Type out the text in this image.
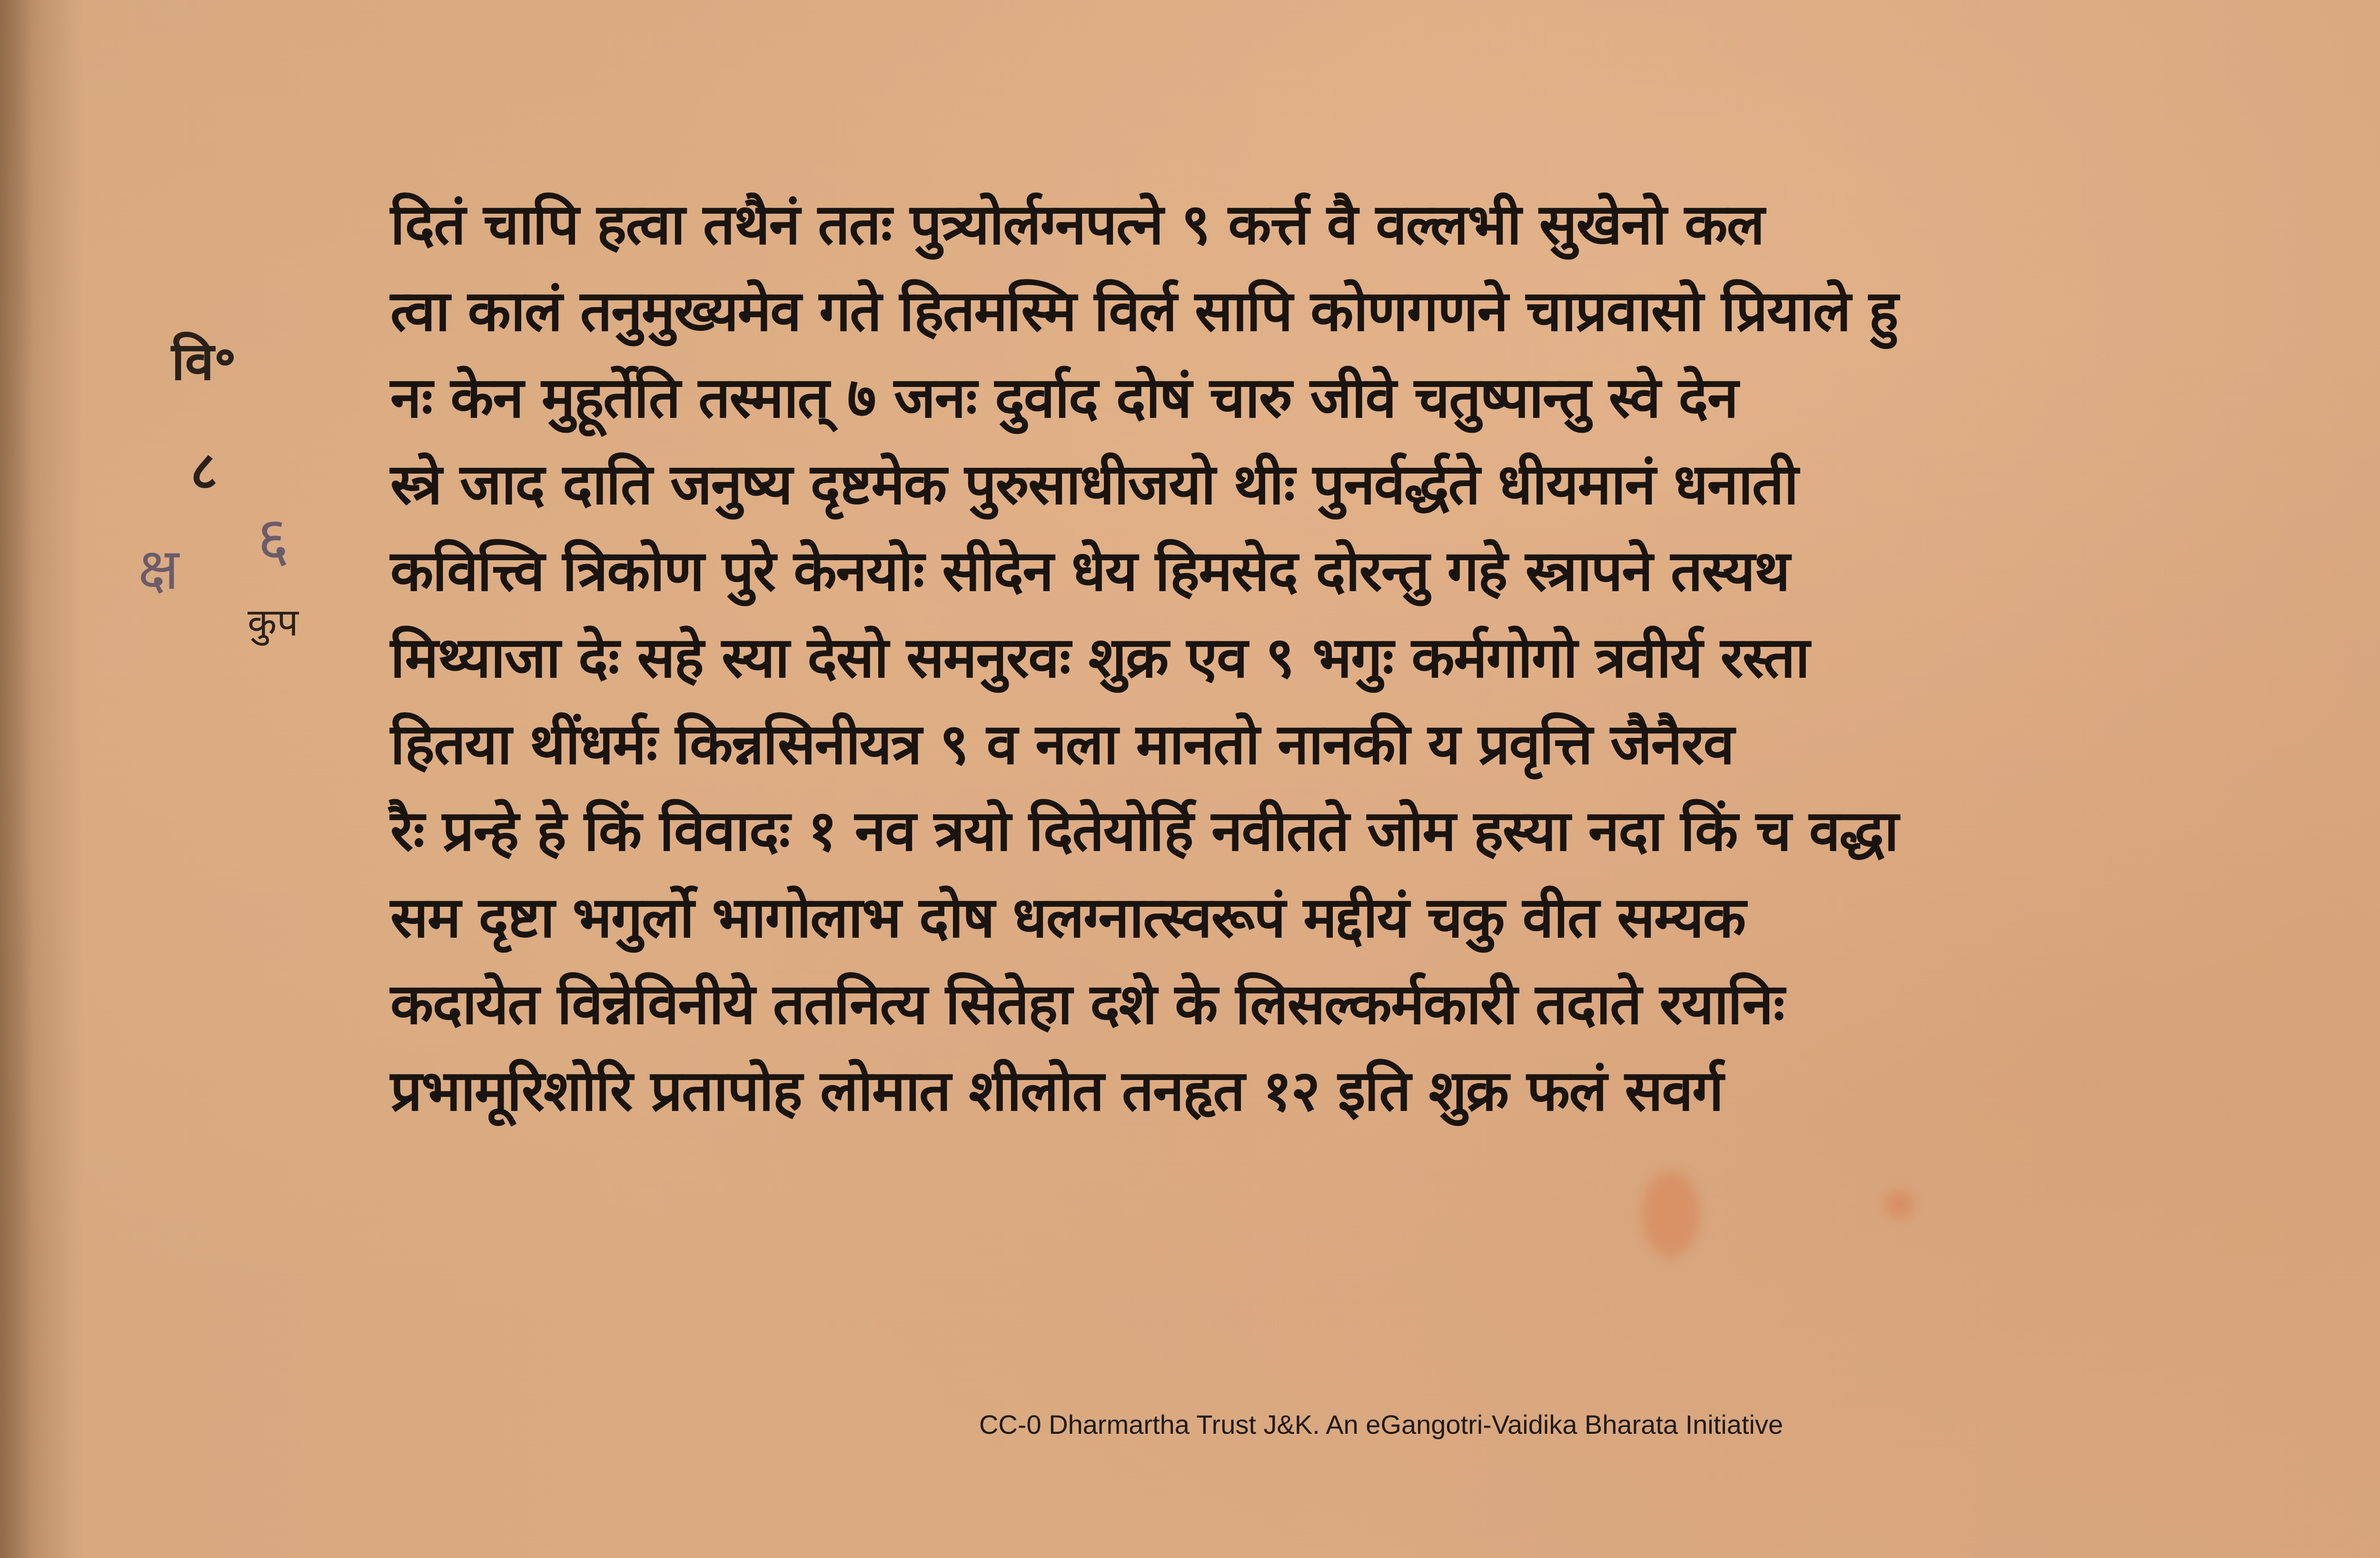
वि॰
८
६
क्ष
कुप
दितं चापि हत्वा तथैनं ततः पुत्र्योर्लग्नपत्ने ९ कर्त्त वै वल्लभी सुखेनो कल
त्वा कालं तनुमुख्यमेव गते हितमस्मि विर्ल सापि कोणगणने चाप्रवासो प्रियाले हु
नः केन मुहूर्तेति तस्मात् ७ जनः दुर्वाद दोषं चारु जीवे चतुष्पान्तु स्वे देन
स्त्रे जाद दाति जनुष्य दृष्टमेक पुरुसाधीजयो थीः पुनर्वर्द्धते धीयमानं धनाती
कवित्त्वि त्रिकोण पुरे केनयोः सीदेन धेय हिमसेद दोरन्तु गहे स्त्रापने तस्यथ
मिथ्याजा देः सहे स्या देसो समनुरवः शुक्र एव ९ भगुः कर्मगोगो त्रवीर्य रस्ता
हितया थींधर्मः किन्नसिनीयत्र ९ व नला मानतो नानकी य प्रवृत्ति जैनैरव
रैः प्रन्हे हे किं विवादः १ नव त्रयो दितेयोर्हि नवीतते जोम हस्या नदा किं च वद्धा
सम दृष्टा भगुर्लो भागोलाभ दोष धलग्नात्स्वरूपं मद्दीयं चकु वीत सम्यक
कदायेत विन्नेविनीये ततनित्य सितेहा दशे के लिसल्कर्मकारी तदाते रयानिः
प्रभामूरिशोरि प्रतापोह लोमात शीलोत तनहृत १२ इति शुक्र फलं सवर्ग
CC-0 Dharmartha Trust J&K. An eGangotri-Vaidika Bharata Initiative
